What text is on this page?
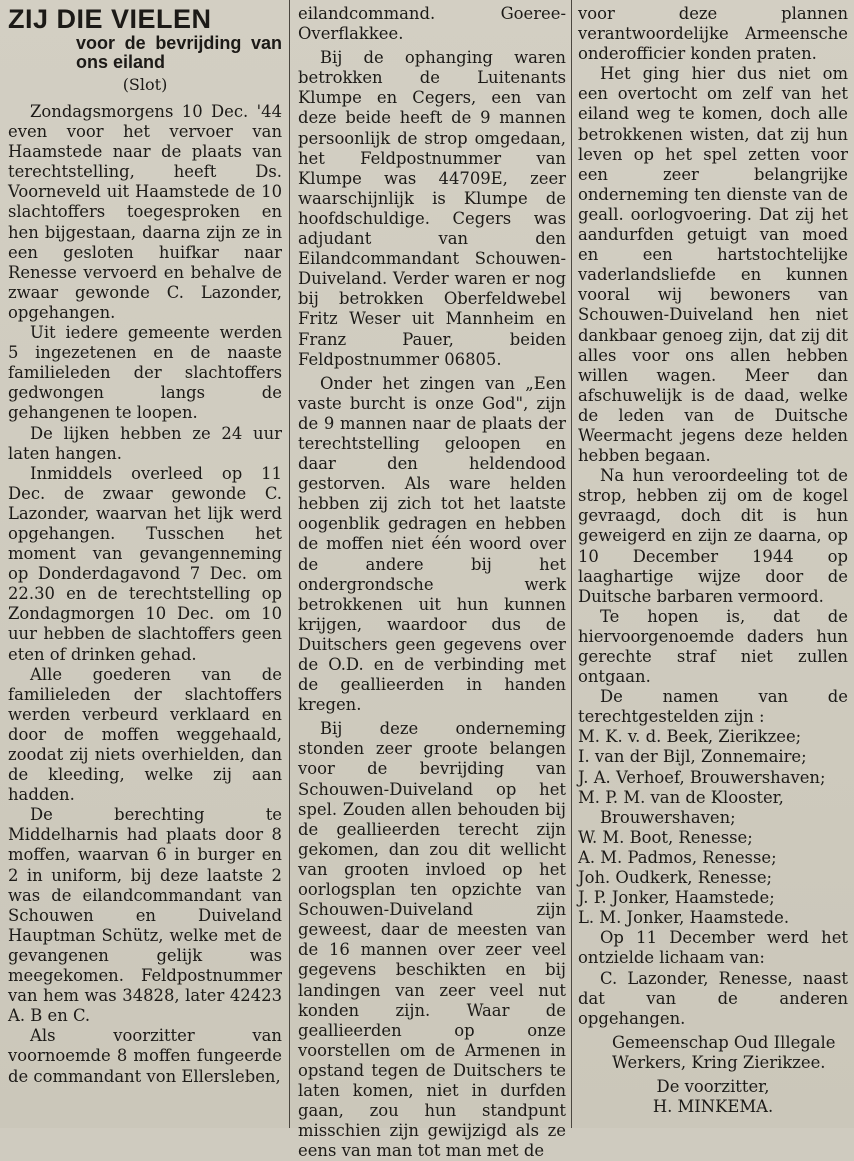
ZIJ DIE VIELEN
voor de bevrijding van ons eiland
(Slot)

Zondagsmorgens 10 Dec. '44 even voor het vervoer van Haamstede naar de plaats van terechtstelling, heeft Ds. Voorneveld uit Haamstede de 10 slachtoffers toegesproken en hen bijgestaan, daarna zijn ze in een gesloten huifkar naar Renesse vervoerd en behalve de zwaar gewonde C. Lazonder, opgehangen.

Uit iedere gemeente werden 5 ingezetenen en de naaste familieleden der slachtoffers gedwongen langs de gehangenen te loopen.

De lijken hebben ze 24 uur laten hangen.

Inmiddels overleed op 11 Dec. de zwaar gewonde C. Lazonder, waarvan het lijk werd opgehangen. Tusschen het moment van gevangenneming op Donderdagavond 7 Dec. om 22.30 en de terechtstelling op Zondagmorgen 10 Dec. om 10 uur hebben de slachtoffers geen eten of drinken gehad.

Alle goederen van de familieleden der slachtoffers werden verbeurd verklaard en door de moffen weggehaald, zoodat zij niets overhielden, dan de kleeding, welke zij aan hadden.

De berechting te Middelharnis had plaats door 8 moffen, waarvan 6 in burger en 2 in uniform, bij deze laatste 2 was de eilandcommandant van Schouwen en Duiveland Hauptman Schütz, welke met de gevangenen gelijk was meegekomen. Feldpostnummer van hem was 34828, later 42423 A. B en C.

Als voorzitter van voornoemde 8 moffen fungeerde de commandant von Ellersleben,

eilandcommand. Goeree-Overflakkee.

Bij de ophanging waren betrokken de Luitenants Klumpe en Cegers, een van deze beide heeft de 9 mannen persoonlijk de strop omgedaan, het Feldpostnummer van Klumpe was 44709E, zeer waarschijnlijk is Klumpe de hoofdschuldige. Cegers was adjudant van den Eilandcommandant Schouwen-Duiveland. Verder waren er nog bij betrokken Oberfeldwebel Fritz Weser uit Mannheim en Franz Pauer, beiden Feldpostnummer 06805.

Onder het zingen van „Een vaste burcht is onze God", zijn de 9 mannen naar de plaats der terechtstelling geloopen en daar den heldendood gestorven. Als ware helden hebben zij zich tot het laatste oogenblik gedragen en hebben de moffen niet één woord over de andere bij het ondergrondsche werk betrokkenen uit hun kunnen krijgen, waardoor dus de Duitschers geen gegevens over de O.D. en de verbinding met de geallieerden in handen kregen.

Bij deze onderneming stonden zeer groote belangen voor de bevrijding van Schouwen-Duiveland op het spel. Zouden allen behouden bij de geallieerden terecht zijn gekomen, dan zou dit wellicht van grooten invloed op het oorlogsplan ten opzichte van Schouwen-Duiveland zijn geweest, daar de meesten van de 16 mannen over zeer veel gegevens beschikten en bij landingen van zeer veel nut konden zijn. Waar de geallieerden op onze voorstellen om de Armenen in opstand tegen de Duitschers te laten komen, niet in durfden gaan, zou hun standpunt misschien zijn gewijzigd als ze eens van man tot man met de

voor deze plannen verantwoordelijke Armeensche onderofficier konden praten.

Het ging hier dus niet om een overtocht om zelf van het eiland weg te komen, doch alle betrokkenen wisten, dat zij hun leven op het spel zetten voor een zeer belangrijke onderneming ten dienste van de geall. oorlogvoering. Dat zij het aandurfden getuigt van moed en een hartstochtelijke vaderlandsliefde en kunnen vooral wij bewoners van Schouwen-Duiveland hen niet dankbaar genoeg zijn, dat zij dit alles voor ons allen hebben willen wagen. Meer dan afschuwelijk is de daad, welke de leden van de Duitsche Weermacht jegens deze helden hebben begaan.

Na hun veroordeeling tot de strop, hebben zij om de kogel gevraagd, doch dit is hun geweigerd en zijn ze daarna, op 10 December 1944 op laaghartige wijze door de Duitsche barbaren vermoord.

Te hopen is, dat de hiervoorgenoemde daders hun gerechte straf niet zullen ontgaan.

De namen van de terechtgestelden zijn :

M. K. v. d. Beek, Zierikzee;
I. van der Bijl, Zonnemaire;
J. A. Verhoef, Brouwershaven;
M. P. M. van de Klooster,
Brouwershaven;
W. M. Boot, Renesse;
A. M. Padmos, Renesse;
Joh. Oudkerk, Renesse;
J. P. Jonker, Haamstede;
L. M. Jonker, Haamstede.

Op 11 December werd het ontzielde lichaam van:

C. Lazonder, Renesse, naast dat van de anderen opgehangen.

Gemeenschap Oud Illegale
Werkers, Kring Zierikzee.
De voorzitter,
H. MINKEMA.
